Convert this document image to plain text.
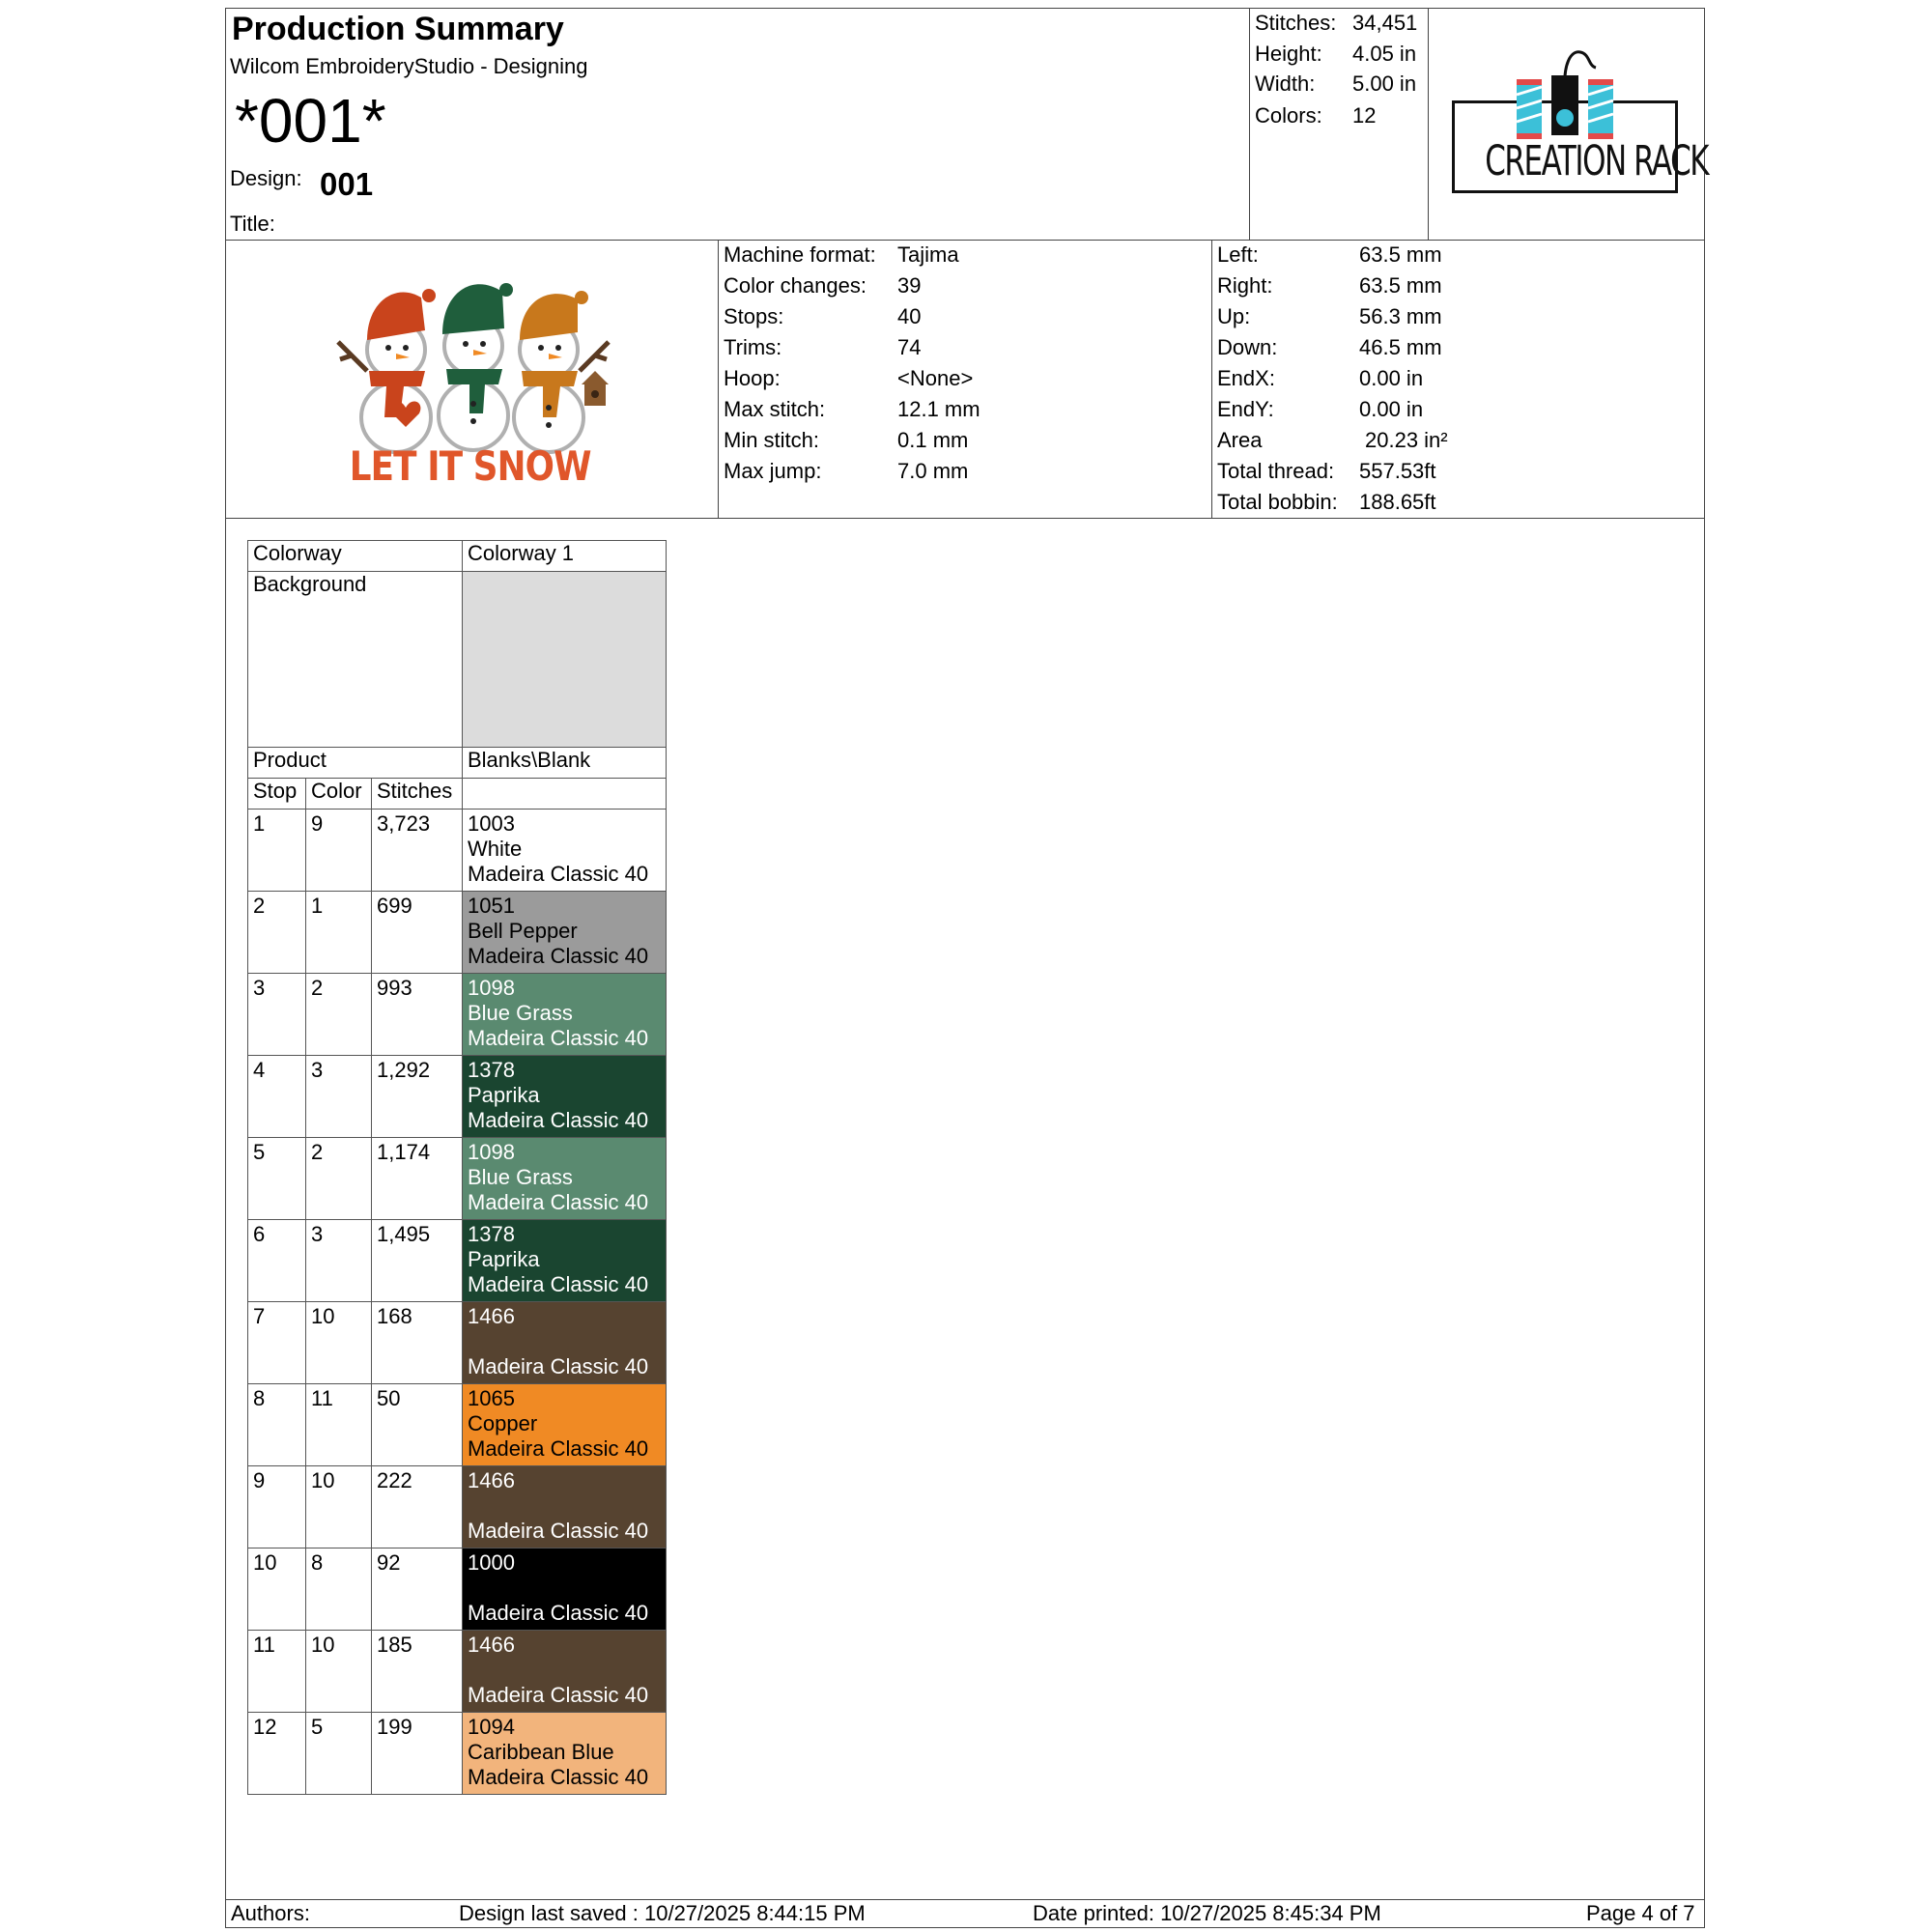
Production Summary
Wilcom EmbroideryStudio - Designing
*001*
Design: 001
Title:
Stitches: 34,451
Height: 4.05 in
Width: 5.00 in
Colors: 12
CREATION RACK
LET IT SNOW
Machine format: Tajima
Color changes: 39
Stops:	40
Trims:	74
Hoop:	<None>
Max stitch:	12.1 mm
Min stitch:	0.1 mm
Max jump:	7.0 mm
Left:	63.5 mm
Right:	63.5 mm
Up:	56.3 mm
Down:	46.5 mm
EndX:	0.00 in
EndY:	0.00 in
Area	20.23 in²
Total thread: 557.53ft
Total bobbin: 188.65ft
Colorway			Colorway 1
Background			
Product			Blanks\Blank
Stop	Color	Stitches	
1	9	3,723	1003
White
Madeira Classic 40

2	1	699	1051
Bell Pepper
Madeira Classic 40

3	2	993	1098
Blue Grass
Madeira Classic 40

4	3	1,292	1378
Paprika
Madeira Classic 40

5	2	1,174	1098
Blue Grass
Madeira Classic 40

6	3	1,495	1378
Paprika
Madeira Classic 40

7	10	168	1466

Madeira Classic 40

8	11	50	1065
Copper
Madeira Classic 40

9	10	222	1466

Madeira Classic 40

10	8	92	1000

Madeira Classic 40

11	10	185	1466

Madeira Classic 40

12	5	199	1094
Caribbean Blue
Madeira Classic 40
Authors:	Design last saved : 10/27/2025 8:44:15 PM	Date printed: 10/27/2025 8:45:34 PM	Page 4 of 7
